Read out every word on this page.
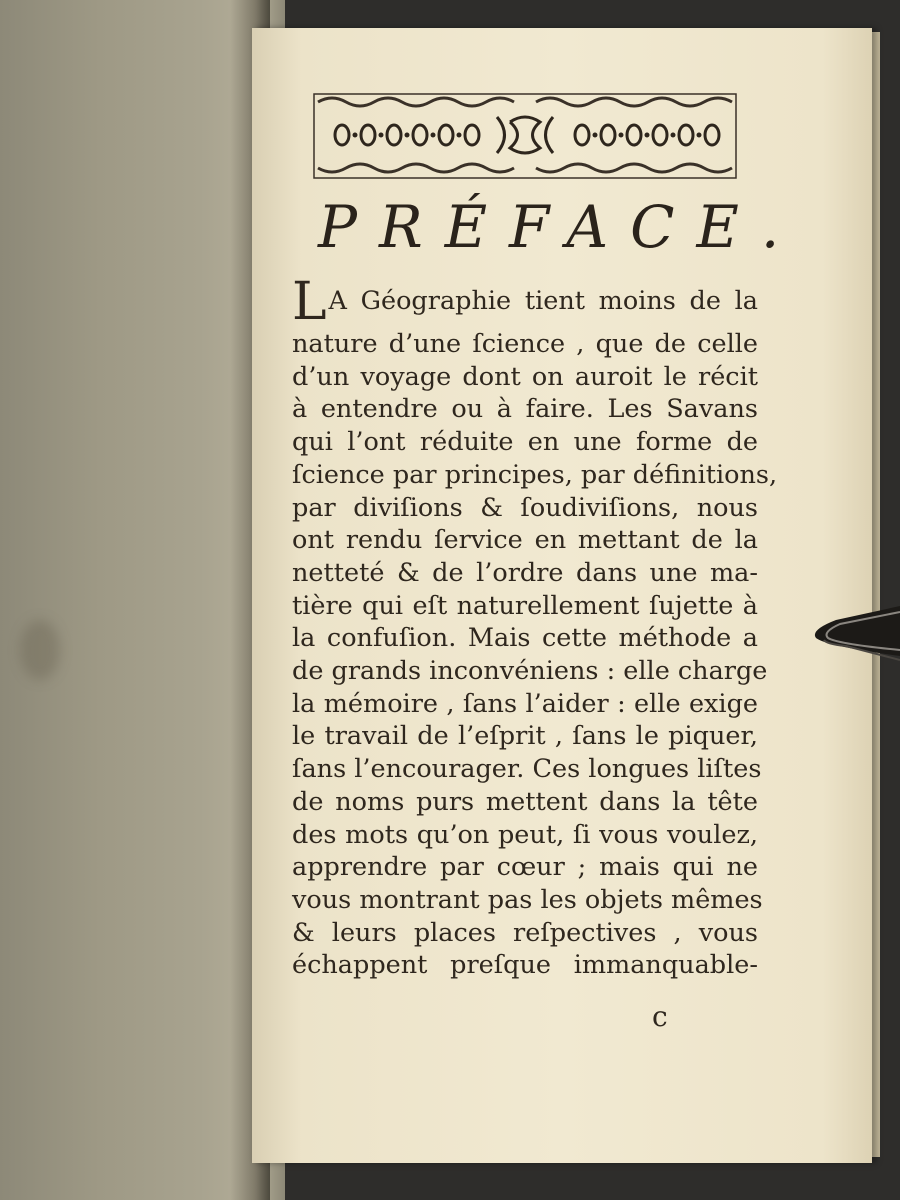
PRÉFACE.
LA Géographie tient moins de la
nature d’une ſcience , que de celle
d’un voyage dont on auroit le récit
à entendre ou à faire. Les Savans
qui l’ont réduite en une forme de
ſcience par principes, par définitions,
par diviſions & ſoudiviſions, nous
ont rendu ſervice en mettant de la
netteté & de l’ordre dans une ma-
tière qui eſt naturellement ſujette à
la confuſion. Mais cette méthode a
de grands inconvéniens : elle charge
la mémoire , ſans l’aider : elle exige
le travail de l’eſprit , ſans le piquer,
ſans l’encourager. Ces longues liſtes
de noms purs mettent dans la tête
des mots qu’on peut, ſi vous voulez,
apprendre par cœur ; mais qui ne
vous montrant pas les objets mêmes
& leurs places reſpectives , vous
échappent preſque immanquable-
c
